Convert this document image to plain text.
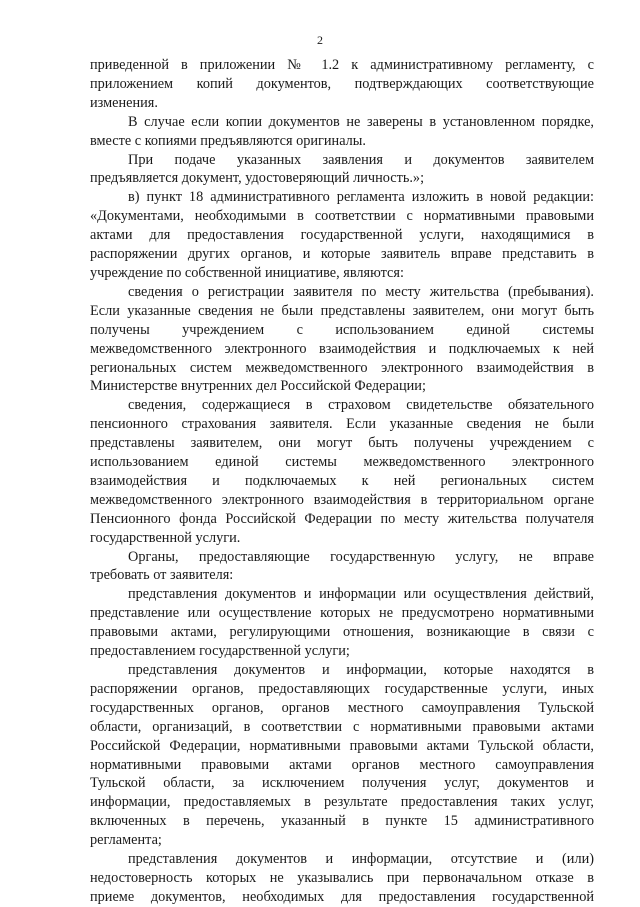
2

приведенной в приложении № 1.2 к административному регламенту, с

приложением копий документов, подтверждающих соответствующие

изменения.

В случае если копии документов не заверены в установленном порядке,

вместе с копиями предъявляются оригиналы.

При подаче указанных заявления и документов заявителем

предъявляется документ, удостоверяющий личность.»;

в) пункт 18 административного регламента изложить в новой редакции:

«Документами, необходимыми в соответствии с нормативными правовыми

актами для предоставления государственной услуги, находящимися в

распоряжении других органов, и которые заявитель вправе представить в

учреждение по собственной инициативе, являются:

сведения о регистрации заявителя по месту жительства (пребывания).

Если указанные сведения не были представлены заявителем, они могут быть

получены учреждением с использованием единой системы

межведомственного электронного взаимодействия и подключаемых к ней

региональных систем межведомственного электронного взаимодействия в

Министерстве внутренних дел Российской Федерации;

сведения, содержащиеся в страховом свидетельстве обязательного

пенсионного страхования заявителя. Если указанные сведения не были

представлены заявителем, они могут быть получены учреждением с

использованием единой системы межведомственного электронного

взаимодействия и подключаемых к ней региональных систем

межведомственного электронного взаимодействия в территориальном органе

Пенсионного фонда Российской Федерации по месту жительства получателя

государственной услуги.

Органы, предоставляющие государственную услугу, не вправе

требовать от заявителя:

представления документов и информации или осуществления действий,

представление или осуществление которых не предусмотрено нормативными

правовыми актами, регулирующими отношения, возникающие в связи с

предоставлением государственной услуги;

представления документов и информации, которые находятся в

распоряжении органов, предоставляющих государственные услуги, иных

государственных органов, органов местного самоуправления Тульской

области, организаций, в соответствии с нормативными правовыми актами

Российской Федерации, нормативными правовыми актами Тульской области,

нормативными правовыми актами органов местного самоуправления

Тульской области, за исключением получения услуг, документов и

информации, предоставляемых в результате предоставления таких услуг,

включенных в перечень, указанный в пункте 15 административного

регламента;

представления документов и информации, отсутствие и (или)

недостоверность которых не указывались при первоначальном отказе в

приеме документов, необходимых для предоставления государственной
